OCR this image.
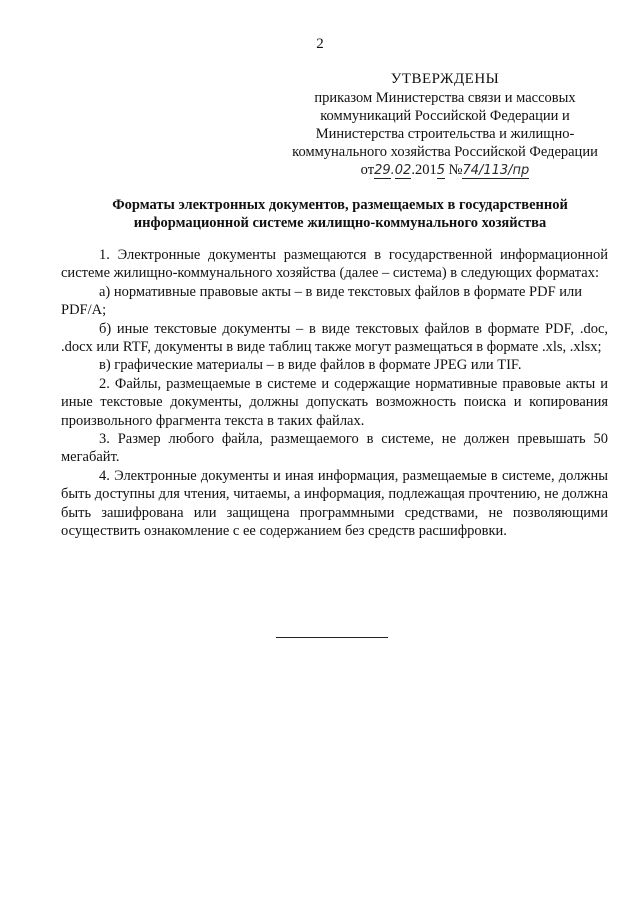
2
УТВЕРЖДЕНЫ
приказом Министерства связи и массовых
коммуникаций Российской Федерации и
Министерства строительства и жилищно-
коммунального хозяйства Российской Федерации
от29.02.2015 №74/113/пр
Форматы электронных документов, размещаемых в государственной
информационной системе жилищно-коммунального хозяйства

1. Электронные документы размещаются в государственной информационной системе жилищно-коммунального хозяйства (далее – система) в следующих форматах:

а) нормативные правовые акты – в виде текстовых файлов в формате PDF или PDF/A;

б) иные текстовые документы – в виде текстовых файлов в формате PDF, .doc, .docx или RTF, документы в виде таблиц также могут размещаться в формате .xls, .xlsx;

в) графические материалы – в виде файлов в формате JPEG или TIF.

2. Файлы, размещаемые в системе и содержащие нормативные правовые акты и иные текстовые документы, должны допускать возможность поиска и копирования произвольного фрагмента текста в таких файлах.

3. Размер любого файла, размещаемого в системе, не должен превышать 50 мегабайт.

4. Электронные документы и иная информация, размещаемые в системе, должны быть доступны для чтения, читаемы, а информация, подлежащая прочтению, не должна быть зашифрована или защищена программными средствами, не позволяющими осуществить ознакомление с ее содержанием без средств расшифровки.
